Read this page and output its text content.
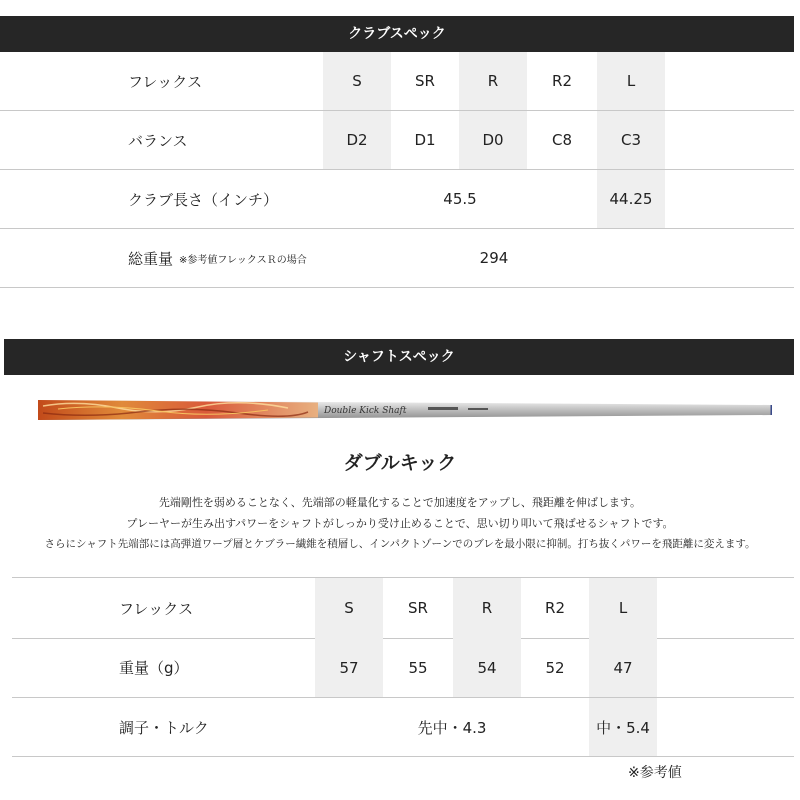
クラブスペック
フレックス	S	SR	R	R2	L
バランス	D2	D1	D0	C8	C3
クラブ長さ（インチ）	45.5	44.25
総重量 ※参考値フレックスＲの場合	294
シャフトスペック
Double Kick Shaft
ダブルキック
先端剛性を弱めることなく、先端部の軽量化することで加速度をアップし、飛距離を伸ばします。
プレーヤーが生み出すパワーをシャフトがしっかり受け止めることで、思い切り叩いて飛ばせるシャフトです。
さらにシャフト先端部には高弾道ワープ層とケブラー繊維を積層し、インパクトゾーンでのブレを最小限に抑制。打ち抜くパワーを飛距離に変えます。
フレックス	S	SR	R	R2	L
重量（g）	57	55	54	52	47
調子・トルク	先中・4.3	中・5.4
※参考値
